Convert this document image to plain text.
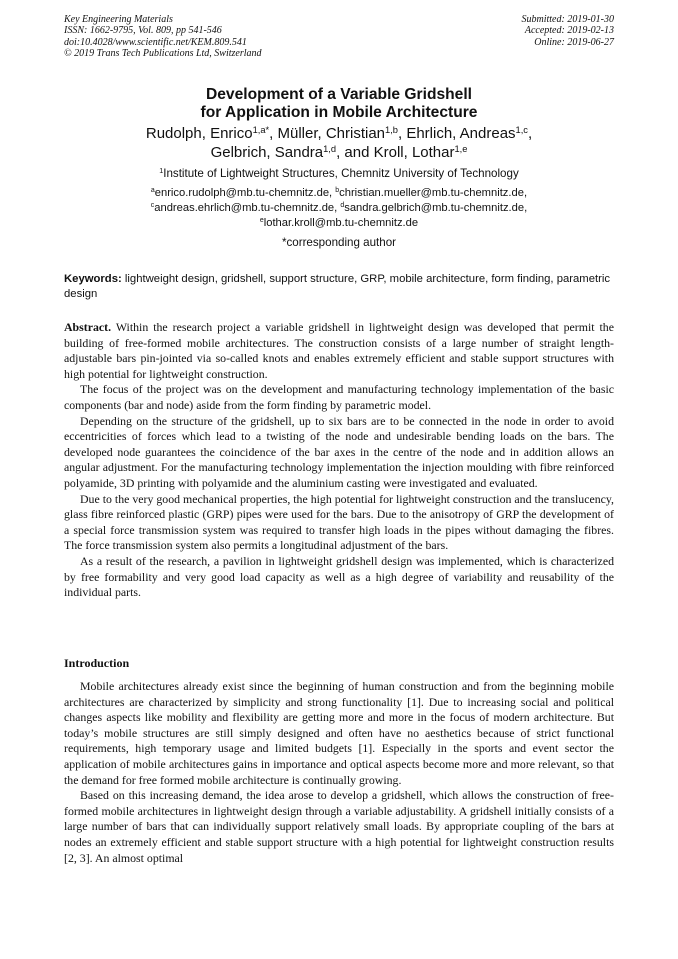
Key Engineering Materials
ISSN: 1662-9795, Vol. 809, pp 541-546
doi:10.4028/www.scientific.net/KEM.809.541
© 2019 Trans Tech Publications Ltd, Switzerland
Submitted: 2019-01-30
Accepted: 2019-02-13
Online: 2019-06-27
Development of a Variable Gridshell
for Application in Mobile Architecture
Rudolph, Enrico$^{1,a*}$, Müller, Christian$^{1,b}$, Ehrlich, Andreas$^{1,c}$,
Gelbrich, Sandra$^{1,d}$, and Kroll, Lothar$^{1,e}$
$^1$Institute of Lightweight Structures, Chemnitz University of Technology
$^a$enrico.rudolph@mb.tu-chemnitz.de, $^b$christian.mueller@mb.tu-chemnitz.de,
$^c$andreas.ehrlich@mb.tu-chemnitz.de, $^d$sandra.gelbrich@mb.tu-chemnitz.de,
$^e$lothar.kroll@mb.tu-chemnitz.de
*corresponding author
Keywords: lightweight design, gridshell, support structure, GRP, mobile architecture, form finding, parametric design

Abstract. Within the research project a variable gridshell in lightweight design was developed that permit the building of free-formed mobile architectures. The construction consists of a large number of straight length-adjustable bars pin-jointed via so-called knots and enables extremely efficient and stable support structures with high potential for lightweight construction.

The focus of the project was on the development and manufacturing technology implementation of the basic components (bar and node) aside from the form finding by parametric model.

Depending on the structure of the gridshell, up to six bars are to be connected in the node in order to avoid eccentricities of forces which lead to a twisting of the node and undesirable bending loads on the bars. The developed node guarantees the coincidence of the bar axes in the centre of the node and in addition allows an angular adjustment. For the manufacturing technology implementation the injection moulding with fibre reinforced polyamide, 3D printing with polyamide and the aluminium casting were investigated and evaluated.

Due to the very good mechanical properties, the high potential for lightweight construction and the translucency, glass fibre reinforced plastic (GRP) pipes were used for the bars. Due to the anisotropy of GRP the development of a special force transmission system was required to transfer high loads in the pipes without damaging the fibres. The force transmission system also permits a longitudinal adjustment of the bars.

As a result of the research, a pavilion in lightweight gridshell design was implemented, which is characterized by free formability and very good load capacity as well as a high degree of variability and reusability of the individual parts.

Introduction

Mobile architectures already exist since the beginning of human construction and from the beginning mobile architectures are characterized by simplicity and strong functionality [1]. Due to increasing social and political changes aspects like mobility and flexibility are getting more and more in the focus of modern architecture. But today’s mobile structures are still simply designed and often have no aesthetics because of strict functional requirements, high temporary usage and limited budgets [1]. Especially in the sports and event sector the application of mobile architectures gains in importance and optical aspects become more and more relevant, so that the demand for free formed mobile architecture is continually growing.

Based on this increasing demand, the idea arose to develop a gridshell, which allows the construction of free-formed mobile architectures in lightweight design through a variable adjustability. A gridshell initially consists of a large number of bars that can individually support relatively small loads. By appropriate coupling of the bars at nodes an extremely efficient and stable support structure with a high potential for lightweight construction results [2, 3]. An almost optimal
